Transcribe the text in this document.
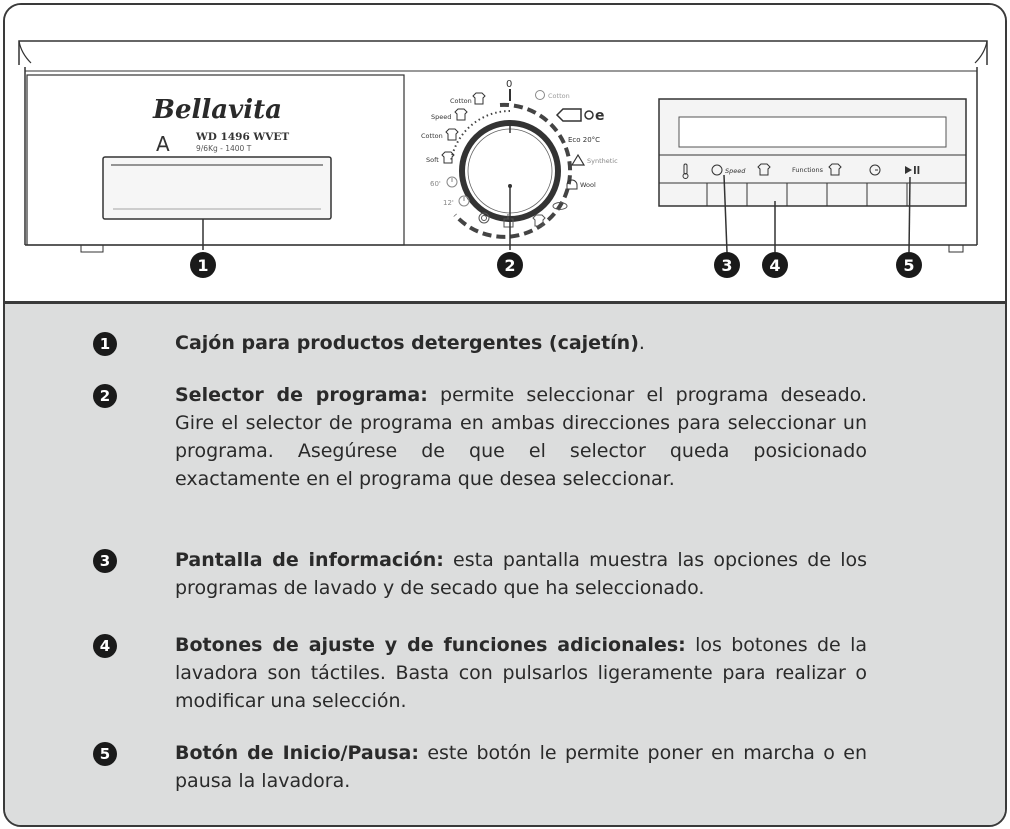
Bellavita
A	WD 1496 WVET
9/6Kg - 1400 T
0
Cotton
Speed
Cotton
Soft
60'
12'
Cotton
e
Eco 20°C
Synthetic
Wool
Speed	Functions
1	2	3 4	5
1	Cajón para productos detergentes (cajetín).
2	Selector de programa: permite seleccionar el programa deseado. Gire el selector de programa en ambas direcciones para seleccionar un programa. Asegúrese de que el selector queda posicionado exactamente en el programa que desea seleccionar.
3	Pantalla de información: esta pantalla muestra las opciones de los programas de lavado y de secado que ha seleccionado.
4	Botones de ajuste y de funciones adicionales: los botones de la lavadora son táctiles. Basta con pulsarlos ligeramente para realizar o modificar una selección.
5	Botón de Inicio/Pausa: este botón le permite poner en marcha o en pausa la lavadora.
